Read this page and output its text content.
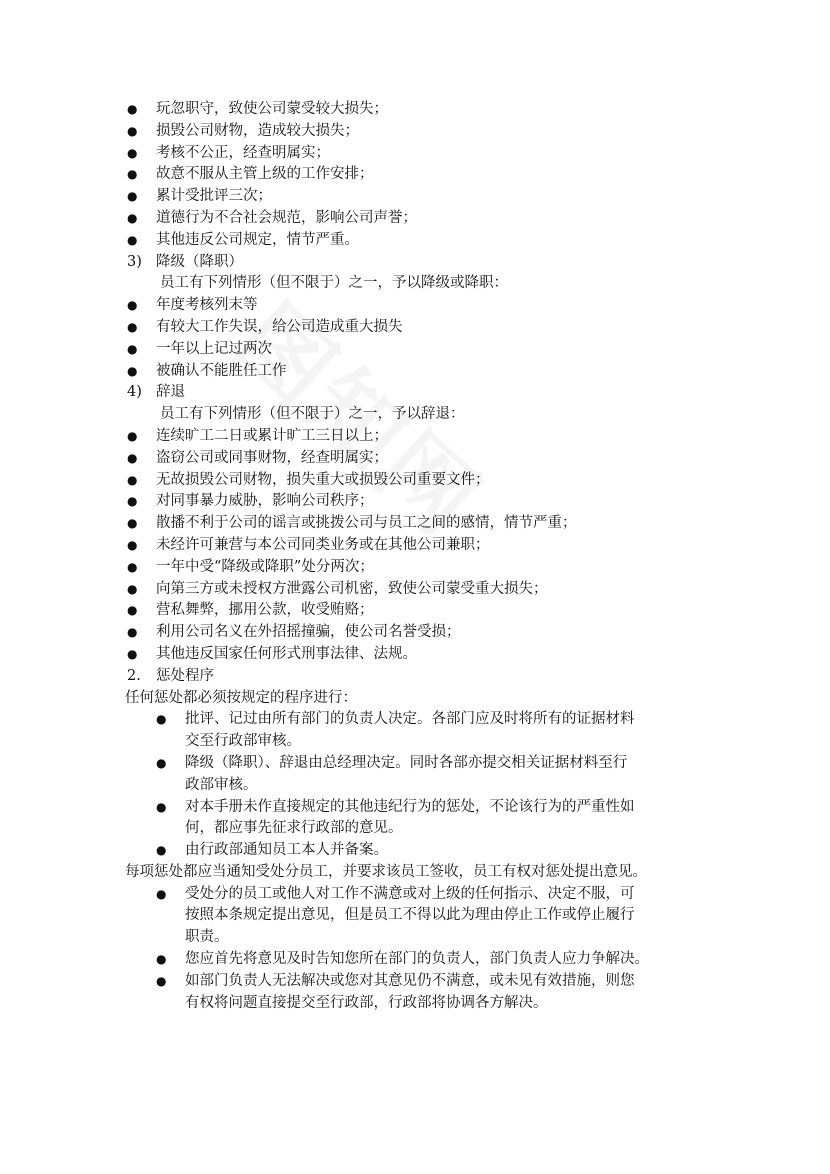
● 玩忽职守，致使公司蒙受较大损失；
● 损毁公司财物，造成较大损失；
● 考核不公正，经查明属实；
● 故意不服从主管上级的工作安排；
● 累计受批评三次；
● 道德行为不合社会规范，影响公司声誉；
● 其他违反公司规定，情节严重。
3) 降级（降职）
员工有下列情形（但不限于）之一，予以降级或降职：
● 年度考核列末等
● 有较大工作失误，给公司造成重大损失
● 一年以上记过两次
● 被确认不能胜任工作
4) 辞退
员工有下列情形（但不限于）之一，予以辞退：
● 连续旷工二日或累计旷工三日以上；
● 盗窃公司或同事财物，经查明属实；
● 无故损毁公司财物，损失重大或损毁公司重要文件；
● 对同事暴力威胁，影响公司秩序；
● 散播不利于公司的谣言或挑拨公司与员工之间的感情，情节严重；
● 未经许可兼营与本公司同类业务或在其他公司兼职；
● 一年中受“降级或降职”处分两次；
● 向第三方或未授权方泄露公司机密，致使公司蒙受重大损失；
● 营私舞弊，挪用公款，收受贿赂；
● 利用公司名义在外招摇撞骗，使公司名誉受损；
● 其他违反国家任何形式刑事法律、法规。
2. 惩处程序
任何惩处都必须按规定的程序进行：
● 批评、记过由所有部门的负责人决定。各部门应及时将所有的证据材料
交至行政部审核。
● 降级（降职）、辞退由总经理决定。同时各部亦提交相关证据材料至行
政部审核。
● 对本手册未作直接规定的其他违纪行为的惩处，不论该行为的严重性如
何，都应事先征求行政部的意见。
● 由行政部通知员工本人并备案。
每项惩处都应当通知受处分员工，并要求该员工签收，员工有权对惩处提出意见。
● 受处分的员工或他人对工作不满意或对上级的任何指示、决定不服，可
按照本条规定提出意见，但是员工不得以此为理由停止工作或停止履行
职责。
● 您应首先将意见及时告知您所在部门的负责人，部门负责人应力争解决。
● 如部门负责人无法解决或您对其意见仍不满意，或未见有效措施，则您
有权将问题直接提交至行政部，行政部将协调各方解决。
